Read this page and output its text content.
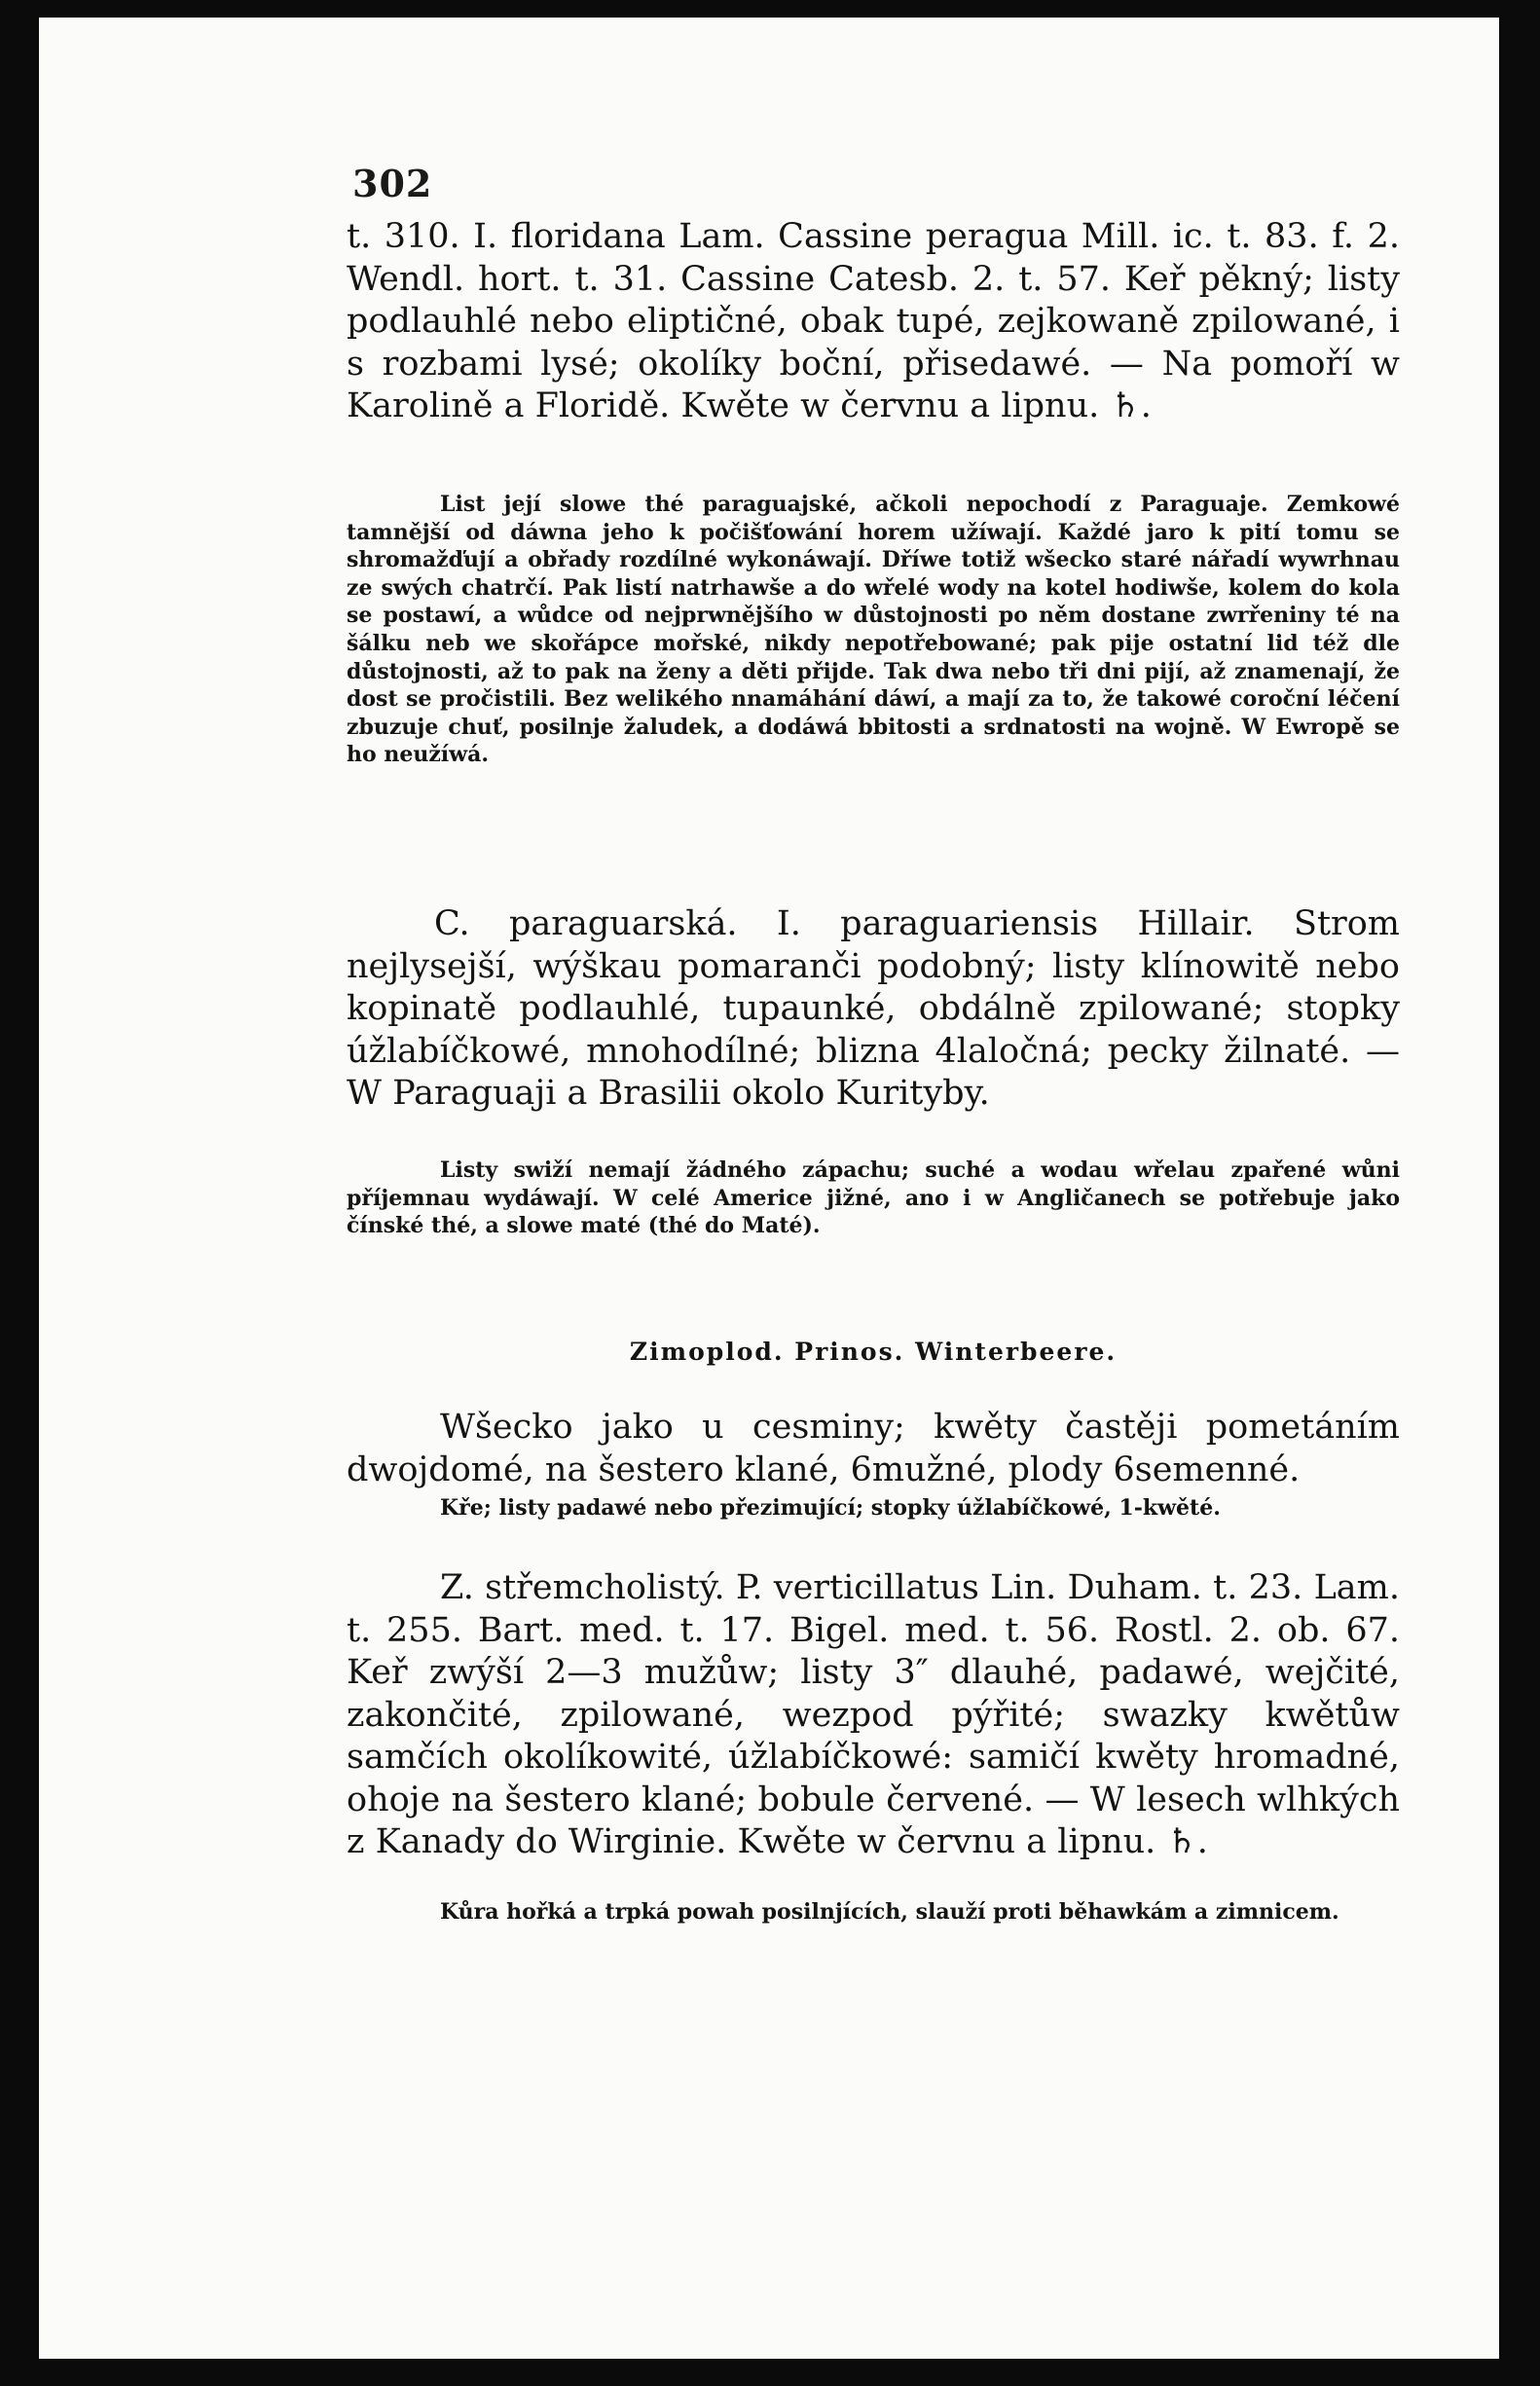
302

t. 310. I. floridana Lam. Cassine peragua Mill. ic. t. 83. f. 2. Wendl. hort. t. 31. Cassine Catesb. 2. t. 57. Keř pěkný; listy podlauhlé nebo eliptičné, obak tupé, zejkowaně zpilowané, i s rozbami lysé; okolíky boční, přisedawé. — Na pomoří w Karolině a Floridě. Kwěte w červnu a lipnu. ♄.

List její slowe thé paraguajské, ačkoli nepochodí z Paraguaje. Zemkowé tamnější od dáwna jeho k počišťowání horem užíwají. Každé jaro k pití tomu se shromažďují a obřady rozdílné wykonáwají. Dříwe totiž wšecko staré nářadí wywrhnau ze swých chatrčí. Pak listí natrhawše a do wřelé wody na kotel hodiwše, kolem do kola se postawí, a wůdce od nejprwnějšího w důstojnosti po něm dostane zwrřeniny té na šálku neb we skořápce mořské, nikdy nepotřebowané; pak pije ostatní lid též dle důstojnosti, až to pak na ženy a děti přijde. Tak dwa nebo tři dni pijí, až znamenají, že dost se pročistili. Bez welikého nnamáhání dáwí, a mají za to, že takowé coroční léčení zbuzuje chuť, posilnje žaludek, a dodáwá bbitosti a srdnatosti na wojně. W Ewropě se ho neužíwá.

C. paraguarská. I. paraguariensis Hillair. Strom nejlysejší, wýškau pomaranči podobný; listy klínowitě nebo kopinatě podlauhlé, tupaunké, obdálně zpilowané; stopky úžlabíčkowé, mnohodílné; blizna 4laločná; pecky žilnaté. — W Paraguaji a Brasilii okolo Kurityby.

Listy swiží nemají žádného zápachu; suché a wodau wřelau zpařené wůni příjemnau wydáwají. W celé Americe jižné, ano i w Angličanech se potřebuje jako čínské thé, a slowe maté (thé do Maté).

Zimoplod. Prinos. Winterbeere.

Wšecko jako u cesminy; kwěty častěji pometáním dwojdomé, na šestero klané, 6mužné, plody 6semenné.

Kře; listy padawé nebo přezimující; stopky úžlabíčkowé, 1-kwěté.

Z. střemcholistý. P. verticillatus Lin. Duham. t. 23. Lam. t. 255. Bart. med. t. 17. Bigel. med. t. 56. Rostl. 2. ob. 67. Keř zwýší 2—3 mužůw; listy 3″ dlauhé, padawé, wejčité, zakončité, zpilowané, wezpod pýřité; swazky kwětůw samčích okolíkowité, úžlabíčkowé: samičí kwěty hromadné, ohoje na šestero klané; bobule červené. — W lesech wlhkých z Kanady do Wirginie. Kwěte w červnu a lipnu. ♄.

Kůra hořká a trpká powah posilnjících, slauží proti běhawkám a zimnicem.
